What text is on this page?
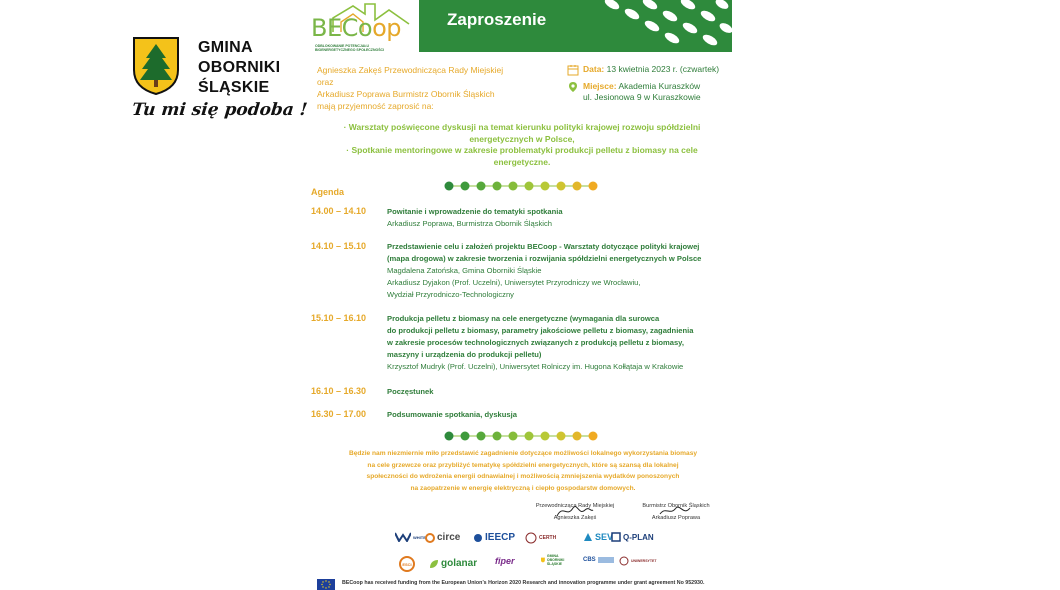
GMINA
OBORNIKI
ŚLĄSKIE
Tu mi się podoba !
BECoop
ODBLOKOWANIE POTENCJAŁU BIOENERGETYCZNEGO SPOŁECZNOŚCI
Zaproszenie
Agnieszka Zakęś Przewodnicząca Rady Miejskiej
oraz
Arkadiusz Poprawa Burmistrz Obornik Śląskich
mają przyjemność zaprosić na:
Data: 13 kwietnia 2023 r. (czwartek)
Miejsce: Akademia Kuraszków
ul. Jesionowa 9 w Kuraszkowie
· Warsztaty poświęcone dyskusji na temat kierunku polityki krajowej rozwoju spółdzielni
energetycznych w Polsce,
· Spotkanie mentoringowe w zakresie problematyki produkcji pelletu z biomasy na cele
energetyczne.
Agenda
14.00 – 14.10	Powitanie i wprowadzenie do tematyki spotkania
Arkadiusz Poprawa, Burmistrza Obornik Śląskich
14.10 – 15.10	Przedstawienie celu i założeń projektu BECoop - Warsztaty dotyczące polityki krajowej
(mapa drogowa) w zakresie tworzenia i rozwijania spółdzielni energetycznych w Polsce
Magdalena Zatońska, Gmina Oborniki Śląskie
Arkadiusz Dyjakon (Prof. Uczelni), Uniwersytet Przyrodniczy we Wrocławiu,
Wydział Przyrodniczo-Technologiczny
15.10 – 16.10	Produkcja pelletu z biomasy na cele energetyczne (wymagania dla surowca
do produkcji pelletu z biomasy, parametry jakościowe pelletu z biomasy, zagadnienia
w zakresie procesów technologicznych związanych z produkcją pelletu z biomasy,
maszyny i urządzenia do produkcji pelletu)
Krzysztof Mudryk (Prof. Uczelni), Uniwersytet Rolniczy im. Hugona Kołłątaja w Krakowie
16.10 – 16.30	Poczęstunek
16.30 – 17.00	Podsumowanie spotkania, dyskusja
Będzie nam niezmiernie miło przedstawić zagadnienie dotyczące możliwości lokalnego wykorzystania biomasy
na cele grzewcze oraz przybliżyć tematykę spółdzielni energetycznych, które są szansą dla lokalnej
społeczności do wdrożenia energii odnawialnej i możliwością zmniejszenia wydatków ponoszonych
na zaopatrzenie w energię elektryczną i ciepło gospodarstw domowych.
Przewodnicząca Rady Miejskiej
Agnieszka Zakęś
Burmistrz Obornik Śląskich
Arkadiusz Poprawa
WHITE circe IEECP	CERTH	SEV Q-PLAN
ESCI	golanar fiper	GMINA OBORNIKI ŚLĄSKIE
CBS	UNIWERSYTET
BECoop has received funding from the European Union’s Horizon 2020 Research and innovation programme under grant agreement No 952930.
